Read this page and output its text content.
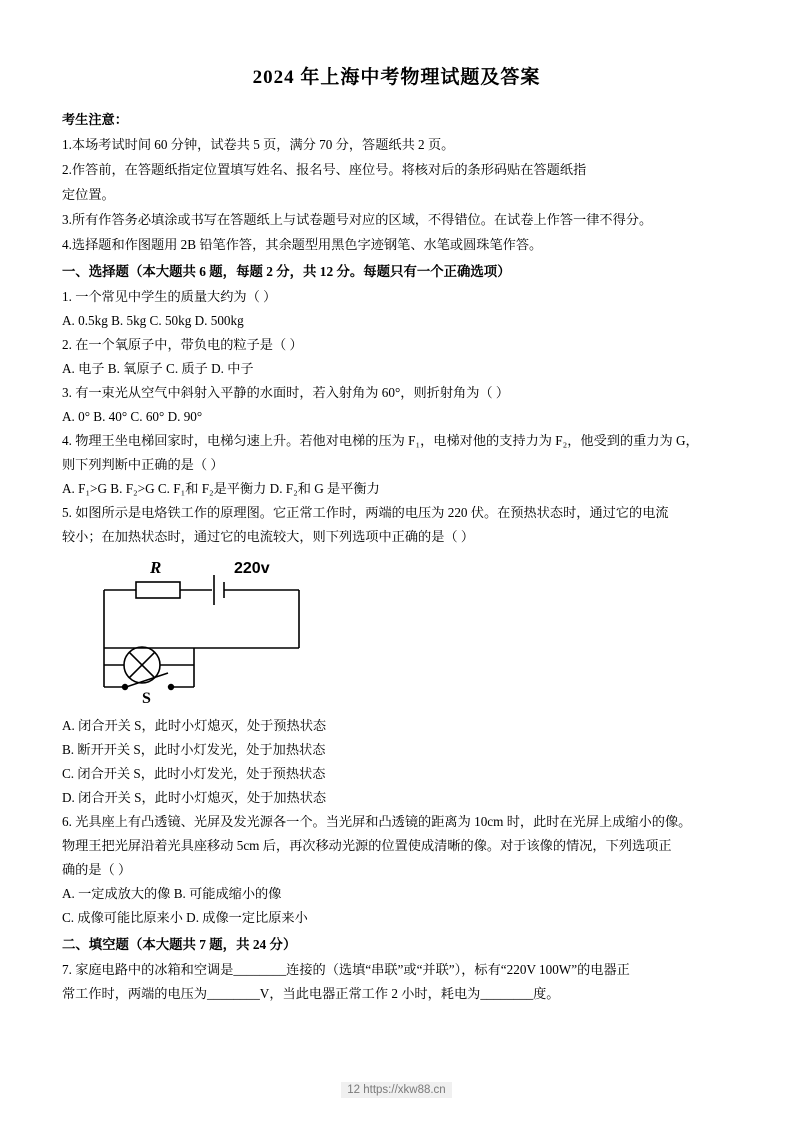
2024 年上海中考物理试题及答案

考生注意：

1.本场考试时间 60 分钟，试卷共 5 页，满分 70 分，答题纸共 2 页。

2.作答前，在答题纸指定位置填写姓名、报名号、座位号。将核对后的条形码贴在答题纸指

定位置。

3.所有作答务必填涂或书写在答题纸上与试卷题号对应的区域，不得错位。在试卷上作答一律不得分。

4.选择题和作图题用 2B 铅笔作答，其余题型用黑色字迹钢笔、水笔或圆珠笔作答。

一、选择题（本大题共 6 题，每题 2 分，共 12 分。每题只有一个正确选项）

1. 一个常见中学生的质量大约为（ ）

A. 0.5kg B. 5kg C. 50kg D. 500kg

2. 在一个氧原子中，带负电的粒子是（ ）

A. 电子 B. 氧原子 C. 质子 D. 中子

3. 有一束光从空气中斜射入平静的水面时，若入射角为 60°，则折射角为（ ）

A. 0° B. 40° C. 60° D. 90°

4. 物理王坐电梯回家时，电梯匀速上升。若他对电梯的压为 F₁，电梯对他的支持力为 F₂，他受到的重力为 G，

则下列判断中正确的是（ ）

A. F₁>G B. F₂>G C. F₁和 F₂是平衡力 D. F₂和 G 是平衡力

5. 如图所示是电烙铁工作的原理图。它正常工作时，两端的电压为 220 伏。在预热状态时，通过它的电流

较小；在加热状态时，通过它的电流较大，则下列选项中正确的是（ ）

R	220v
S

A. 闭合开关 S，此时小灯熄灭，处于预热状态

B. 断开开关 S，此时小灯发光，处于加热状态

C. 闭合开关 S，此时小灯发光，处于预热状态

D. 闭合开关 S，此时小灯熄灭，处于加热状态

6. 光具座上有凸透镜、光屏及发光源各一个。当光屏和凸透镜的距离为 10cm 时，此时在光屏上成缩小的像。

物理王把光屏沿着光具座移动 5cm 后，再次移动光源的位置使成清晰的像。对于该像的情况，下列选项正

确的是（ ）

A. 一定成放大的像 B. 可能成缩小的像

C. 成像可能比原来小 D. 成像一定比原来小

二、填空题（本大题共 7 题，共 24 分）

7. 家庭电路中的冰箱和空调是________连接的（选填“串联”或“并联”），标有“220V 100W”的电器正

常工作时，两端的电压为________V，当此电器正常工作 2 小时，耗电为________度。

12 https://xkw88.cn
